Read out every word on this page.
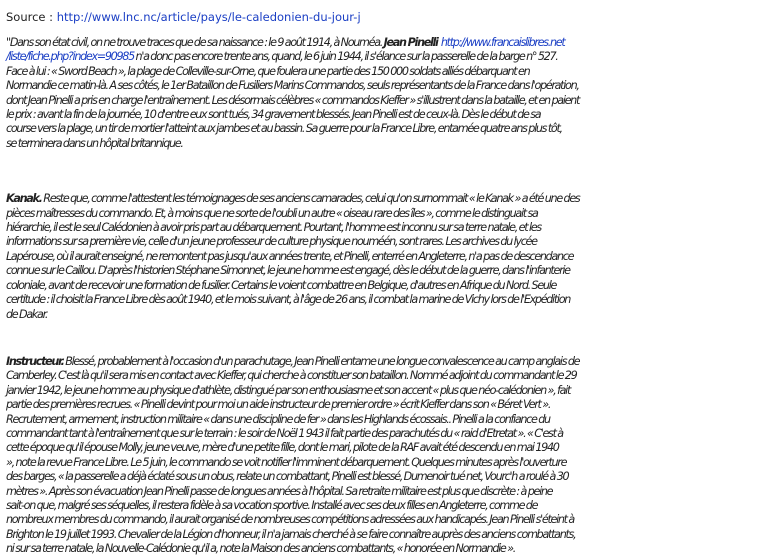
Source : http://www.lnc.nc/article/pays/le-caledonien-du-jour-j
"Dans son état civil, on ne trouve traces que de sa naissance : le 9 août 1914, à Nouméa. Jean Pinelli http://www.francaislibres.net
/liste/fiche.php?index=90985 n'a donc pas encore trente ans, quand, le 6 juin 1944, il s'élance sur la passerelle de la barge n° 527.
Face à lui : « Sword Beach », la plage de Colleville-sur-Orne, que foulera une partie des 150 000 soldats alliés débarquant en
Normandie ce matin-là. A ses côtés, le 1er Bataillon de Fusiliers Marins Commandos, seuls représentants de la France dans l'opération,
dont Jean Pinelli a pris en charge l'entraînement. Les désormais célèbres « commandos Kieffer » s'illustrent dans la bataille, et en paient
le prix : avant la fin de la journée, 10 d'entre eux sont tués, 34 gravement blessés. Jean Pinelli est de ceux-là. Dès le début de sa
course vers la plage, un tir de mortier l'atteint aux jambes et au bassin. Sa guerre pour la France Libre, entamée quatre ans plus tôt,
se terminera dans un hôpital britannique.
Kanak. Reste que, comme l'attestent les témoignages de ses anciens camarades, celui qu'on surnommait « le Kanak » a été une des
pièces maîtresses du commando. Et, à moins que ne sorte de l'oubli un autre « oiseau rare des îles », comme le distinguait sa
hiérarchie, il est le seul Calédonien à avoir pris part au débarquement. Pourtant, l'homme est inconnu sur sa terre natale, et les
informations sur sa première vie, celle d'un jeune professeur de culture physique nouméén, sont rares. Les archives du lycée
Lapérouse, où il aurait enseigné, ne remontent pas jusqu'aux années trente, et Pinelli, enterré en Angleterre, n'a pas de descendance
connue sur le Caillou. D'après l'historien Stéphane Simonnet, le jeune homme est engagé, dès le début de la guerre, dans l'infanterie
coloniale, avant de recevoir une formation de fusilier. Certains le voient combattre en Belgique, d'autres en Afrique du Nord. Seule
certitude : il choisit la France Libre dès août 1940, et le mois suivant, à l'âge de 26 ans, il combat la marine de Vichy lors de l'Expédition
de Dakar.
Instructeur. Blessé, probablement à l'occasion d'un parachutage, Jean Pinelli entame une longue convalescence au camp anglais de
Camberley. C'est là qu'il sera mis en contact avec Kieffer, qui cherche à constituer son bataillon. Nommé adjoint du commandant le 29
janvier 1942, le jeune homme au physique d'athlète, distingué par son enthousiasme et son accent « plus que néo-calédonien », fait
partie des premières recrues. « Pinelli devint pour moi un aide instructeur de premier ordre » écrit Kieffer dans son « Béret Vert ».
Recrutement, armement, instruction militaire « dans une discipline de fer » dans les Highlands écossais.. Pinelli a la confiance du
commandant tant à l'entraînement que sur le terrain : le soir de Noël 1 943 il fait partie des parachutés du « raid d'Etretat ». « C'est à
cette époque qu'il épouse Molly, jeune veuve, mère d'une petite fille, dont le mari, pilote de la RAF avait été descendu en mai 1940
», note la revue France Libre. Le 5 juin, le commando se voit notifier l'imminent débarquement. Quelques minutes après l'ouverture
des barges, « la passerelle a déjà éclaté sous un obus, relate un combattant, Pinelli est blessé, Dumenoir tué net, Vourc'h a roulé à 30
mètres ». Après son évacuation Jean Pinelli passe de longues années à l'hôpital. Sa retraite militaire est plus que discrète : à peine
sait-on que, malgré ses séquelles, il restera fidèle à sa vocation sportive. Installé avec ses deux filles en Angleterre, comme de
nombreux membres du commando, il aurait organisé de nombreuses compétitions adressées aux handicapés. Jean Pinelli s'éteint à
Brighton le 19 juillet 1993. Chevalier de la Légion d'honneur, il n'a jamais cherché à se faire connaître auprès des anciens combattants,
ni sur sa terre natale, la Nouvelle-Calédonie qu'il a, note la Maison des anciens combattants, « honorée en Normandie ».
